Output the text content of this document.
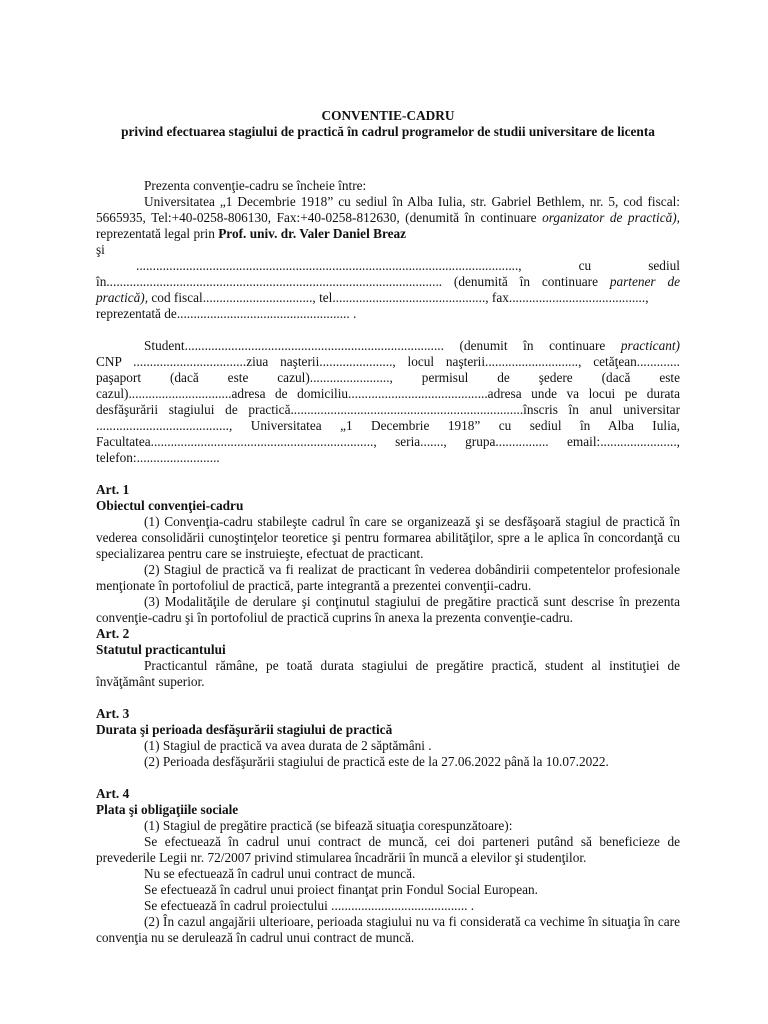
CONVENTIE-CADRU

privind efectuarea stagiului de practică în cadrul programelor de studii universitare de licenta

Prezenta convenţie-cadru se încheie între:

Universitatea „1 Decembrie 1918” cu sediul în Alba Iulia, str. Gabriel Bethlem, nr. 5, cod fiscal: 5665935, Tel:+40-0258-806130, Fax:+40-0258-812630, (denumită în continuare organizator de practică), reprezentată legal prin Prof. univ. dr. Valer Daniel Breaz

şi

..................................................................................................................., cu sediul

în..................................................................................................... (denumită în continuare partener de practică), cod fiscal................................., tel.............................................., fax.........................................,

reprezentată de.................................................... .

Student.............................................................................. (denumit în continuare practicant)

CNP ..................................ziua naşterii......................, locul naşterii............................, cetăţean.............

paşaport (dacă este cazul)........................, permisul de şedere (dacă este

cazul)...............................adresa de domiciliu..........................................adresa unde va locui pe durata

desfăşurării stagiului de practică......................................................................înscris în anul universitar

........................................, Universitatea „1 Decembrie 1918” cu sediul în Alba Iulia,

Facultatea..................................................................., seria......., grupa................ email:.......................,

telefon:.........................

Art. 1

Obiectul convenţiei-cadru

(1) Convenţia-cadru stabileşte cadrul în care se organizează şi se desfăşoară stagiul de practică în vederea consolidării cunoştinţelor teoretice şi pentru formarea abilităţilor, spre a le aplica în concordanţă cu specializarea pentru care se instruieşte, efectuat de practicant.

(2) Stagiul de practică va fi realizat de practicant în vederea dobândirii competentelor profesionale menţionate în portofoliul de practică, parte integrantă a prezentei convenţii-cadru.

(3) Modalităţile de derulare şi conţinutul stagiului de pregătire practică sunt descrise în prezenta convenţie-cadru şi în portofoliul de practică cuprins în anexa la prezenta convenţie-cadru.

Art. 2

Statutul practicantului

Practicantul rămâne, pe toată durata stagiului de pregătire practică, student al instituţiei de învăţământ superior.

Art. 3

Durata şi perioada desfăşurării stagiului de practică

(1) Stagiul de practică va avea durata de 2 săptămâni .

(2) Perioada desfăşurării stagiului de practică este de la 27.06.2022 până la 10.07.2022.

Art. 4

Plata şi obligaţiile sociale

(1) Stagiul de pregătire practică (se bifează situaţia corespunzătoare):

Se efectuează în cadrul unui contract de muncă, cei doi parteneri putând să beneficieze de prevederile Legii nr. 72/2007 privind stimularea încadrării în muncă a elevilor şi studenţilor.

Nu se efectuează în cadrul unui contract de muncă.

Se efectuează în cadrul unui proiect finanţat prin Fondul Social European.

Se efectuează în cadrul proiectului ......................................... .

(2) În cazul angajării ulterioare, perioada stagiului nu va fi considerată ca vechime în situaţia în care convenţia nu se derulează în cadrul unui contract de muncă.
